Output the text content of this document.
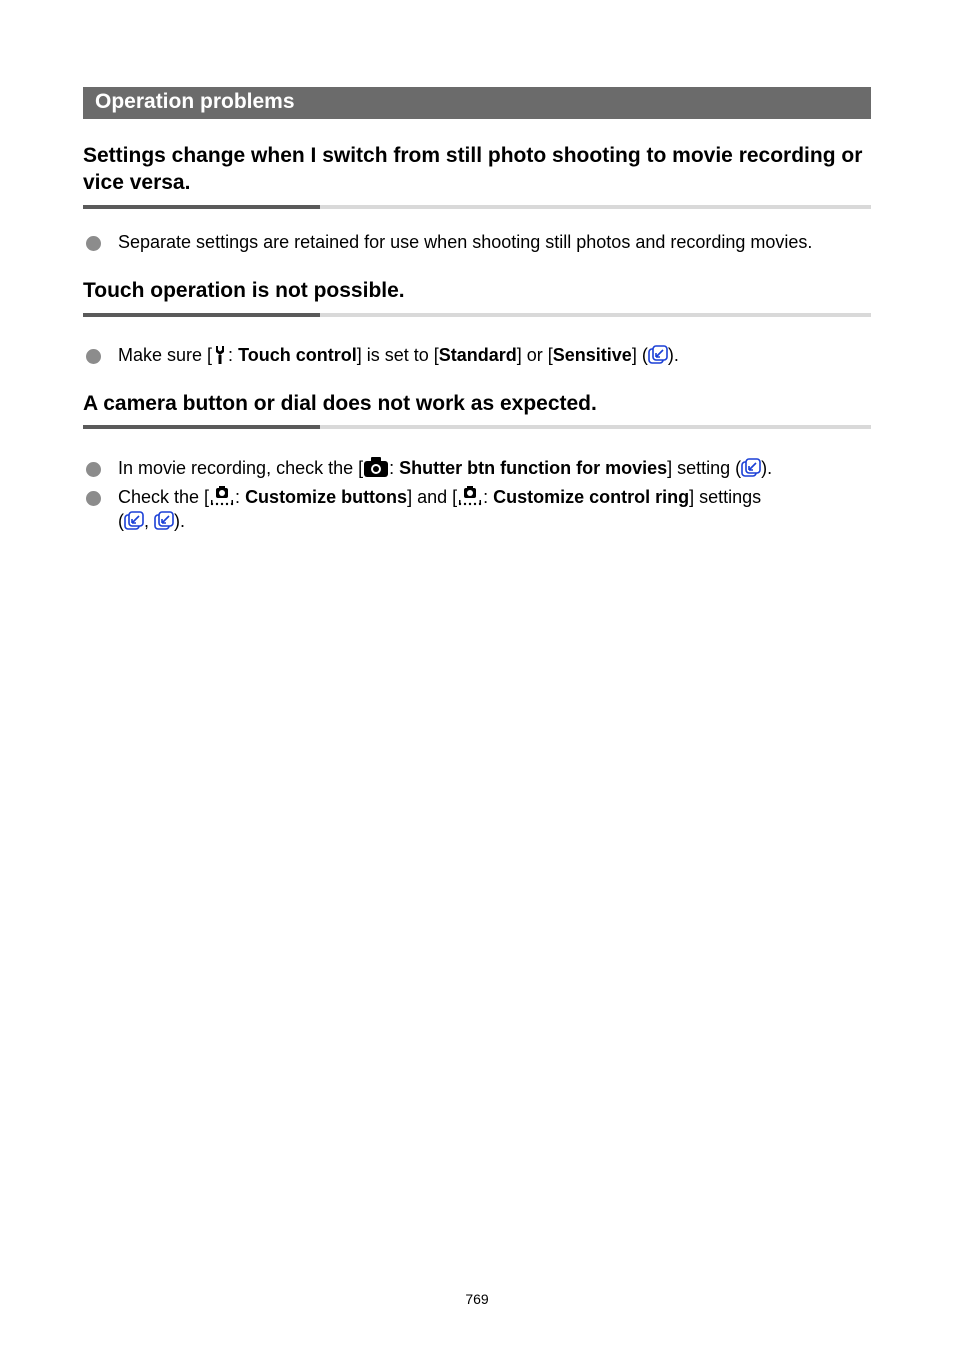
Operation problems
Settings change when I switch from still photo shooting to movie recording or vice versa.
Separate settings are retained for use when shooting still photos and recording movies.
Touch operation is not possible.
Make sure [ : Touch control] is set to [Standard] or [Sensitive] ( ).
A camera button or dial does not work as expected.
In movie recording, check the [ : Shutter btn function for movies] setting ( ).
Check the [ : Customize buttons] and [ : Customize control ring] settings
( , ).
769
